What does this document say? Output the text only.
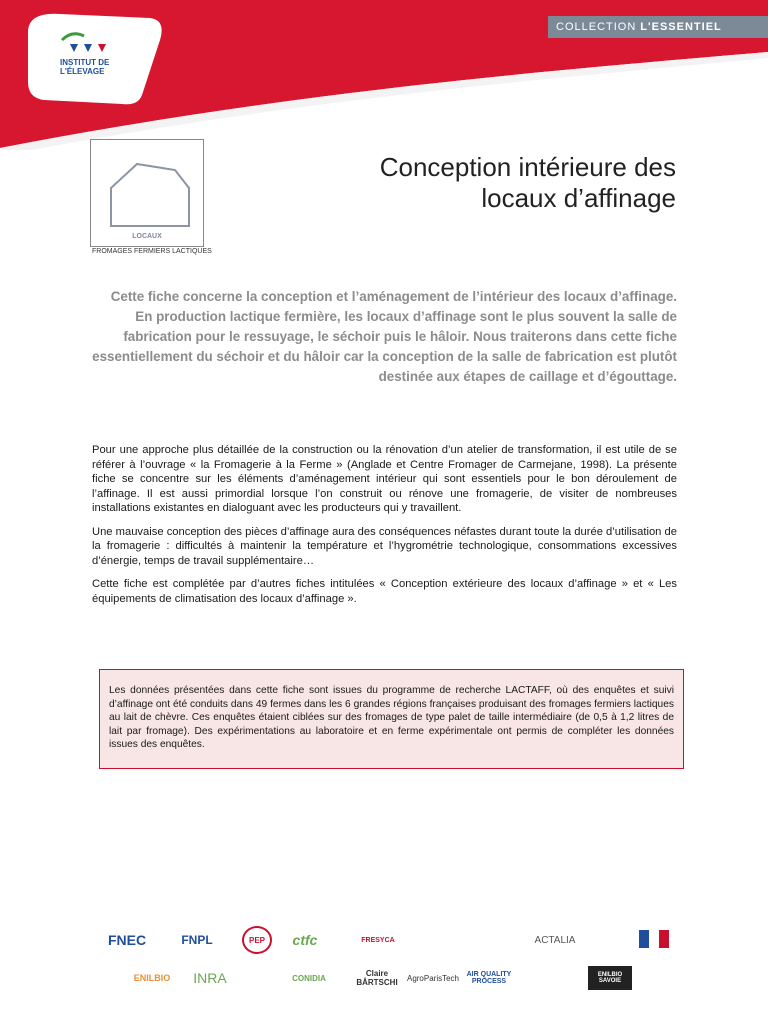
INSTITUT DE L'ÉLEVAGE
COLLECTION L'ESSENTIEL
LOCAUX
FROMAGES FERMIERS LACTIQUES
Conception intérieure des
locaux d’affinage

Cette fiche concerne la conception et l’aménagement de l’intérieur des locaux d’affinage. En production lactique fermière, les locaux d’affinage sont le plus souvent la salle de fabrication pour le ressuyage, le séchoir puis le hâloir. Nous traiterons dans cette fiche essentiellement du séchoir et du hâloir car la conception de la salle de fabrication est plutôt destinée aux étapes de caillage et d’égouttage.

Pour une approche plus détaillée de la construction ou la rénovation d’un atelier de transformation, il est utile de se référer à l’ouvrage « la Fromagerie à la Ferme » (Anglade et Centre Fromager de Carmejane, 1998). La présente fiche se concentre sur les éléments d’aménagement intérieur qui sont essentiels pour le bon déroulement de l’affinage. Il est aussi primordial lorsque l’on construit ou rénove une fromagerie, de visiter de nombreuses installations existantes en dialoguant avec les producteurs qui y travaillent.

Une mauvaise conception des pièces d’affinage aura des conséquences néfastes durant toute la durée d’utilisation de la fromagerie : difficultés à maintenir la température et l’hygrométrie technologique, consommations excessives d’énergie, temps de travail supplémentaire…

Cette fiche est complétée par d’autres fiches intitulées « Conception extérieure des locaux d’affinage » et « Les équipements de climatisation des locaux d’affinage ».

Les données présentées dans cette fiche sont issues du programme de recherche LACTAFF, où des enquêtes et suivi d’affinage ont été conduits dans 49 fermes dans les 6 grandes régions françaises produisant des fromages fermiers lactiques au lait de chèvre. Ces enquêtes étaient ciblées sur des fromages de type palet de taille intermédiaire (de 0,5 à 1,2 litres de lait par fromage). Des expérimentations au laboratoire et en ferme expérimentale ont permis de compléter les données issues des enquêtes.
FNEC	FNPL	PEP	ctfc	FRESYCA	ACTALIA
ENILBIO INRA	CONIDIA	Claire BÂRTSCHI	AgroParisTech	AIR QUALITY PROCESS
ENILBIO SAVOIE
